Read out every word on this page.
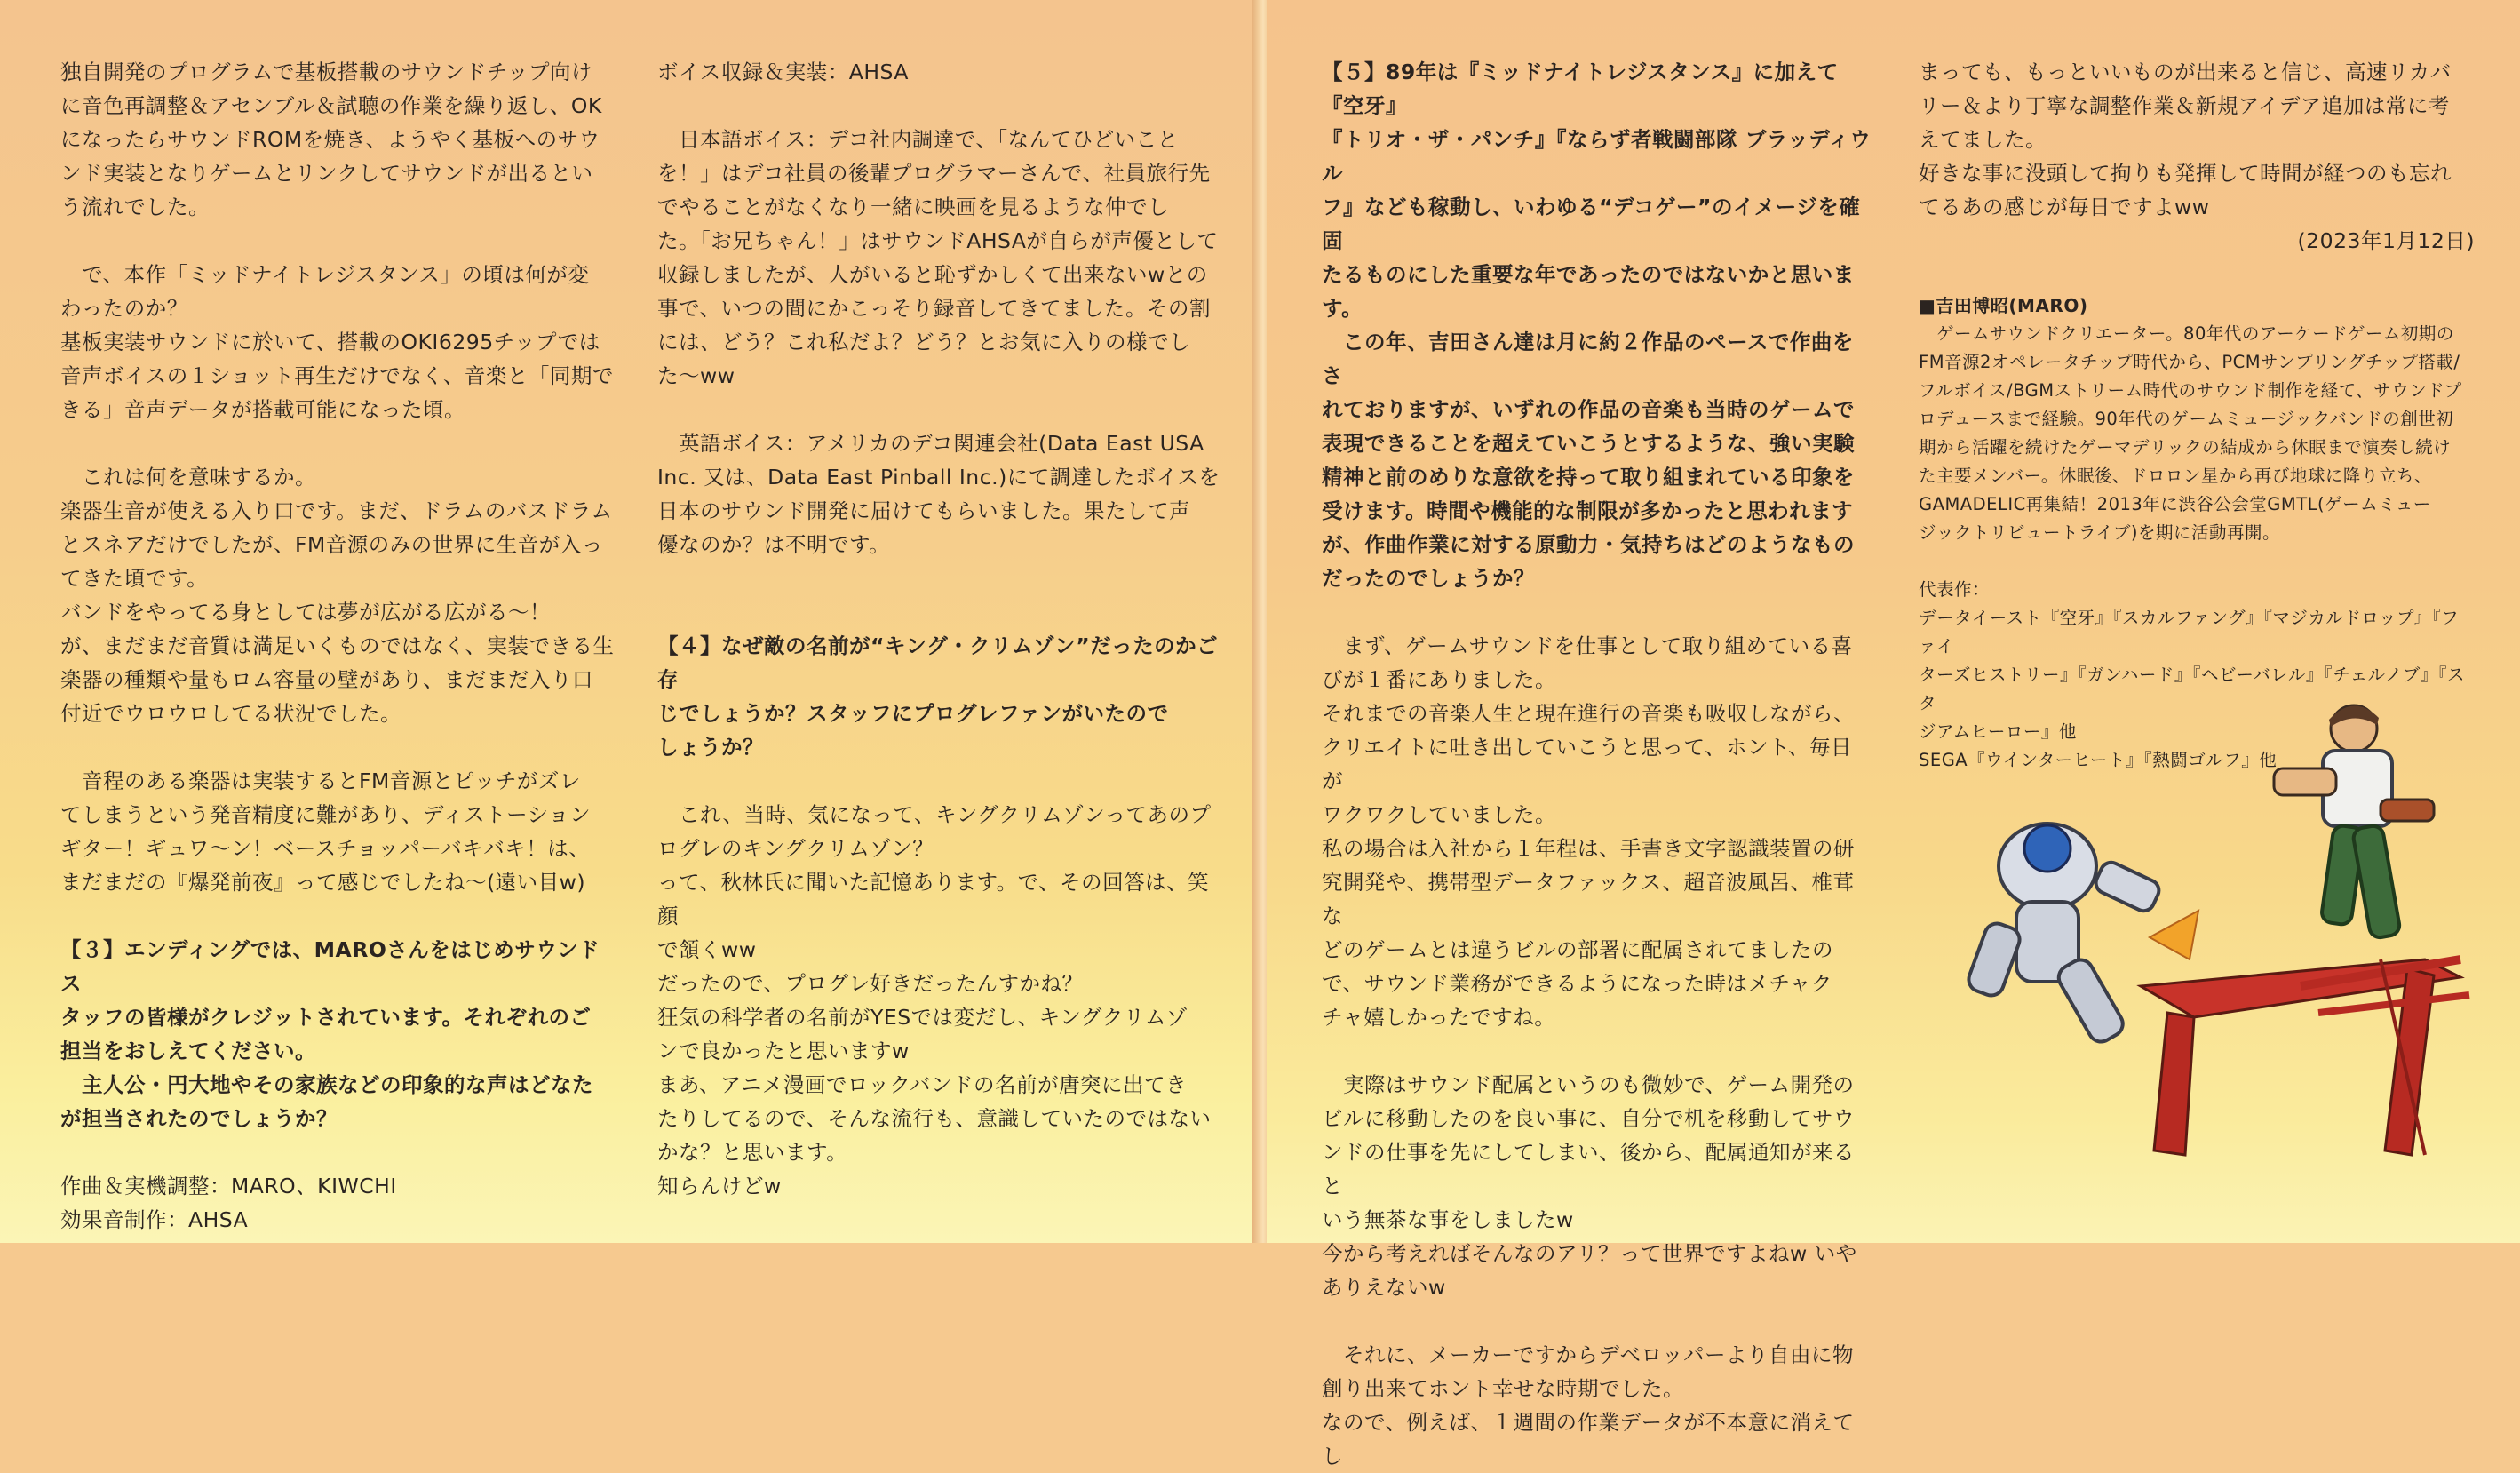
独自開発のプログラムで基板搭載のサウンドチップ向け

に音色再調整＆アセンブル＆試聴の作業を繰り返し、OK

になったらサウンドROMを焼き、ようやく基板へのサウ

ンド実装となりゲームとリンクしてサウンドが出るとい

う流れでした。

　で、本作「ミッドナイトレジスタンス」の頃は何が変

わったのか？

基板実装サウンドに於いて、搭載のOKI6295チップでは

音声ボイスの１ショット再生だけでなく、音楽と「同期で

きる」音声データが搭載可能になった頃。

　これは何を意味するか。

楽器生音が使える入り口です。まだ、ドラムのバスドラム

とスネアだけでしたが、FM音源のみの世界に生音が入っ

てきた頃です。

バンドをやってる身としては夢が広がる広がる～！

が、まだまだ音質は満足いくものではなく、実装できる生

楽器の種類や量もロム容量の壁があり、まだまだ入り口

付近でウロウロしてる状況でした。

　音程のある楽器は実装するとFM音源とピッチがズレ

てしまうという発音精度に難があり、ディストーション

ギター！ギュワ～ン！ベースチョッパーバキバキ！は、

まだまだの『爆発前夜』って感じでしたね～(遠い目w)

【３】エンディングでは、MAROさんをはじめサウンドス

タッフの皆様がクレジットされています。それぞれのご

担当をおしえてください。

　主人公・円大地やその家族などの印象的な声はどなた

が担当されたのでしょうか？

作曲＆実機調整：MARO、KIWCHI

効果音制作：AHSA

ボイス収録＆実装：AHSA

　日本語ボイス：デコ社内調達で、「なんてひどいこと

を！」はデコ社員の後輩プログラマーさんで、社員旅行先

でやることがなくなり一緒に映画を見るような仲でし

た。「お兄ちゃん！」はサウンドAHSAが自らが声優として

収録しましたが、人がいると恥ずかしくて出来ないwとの

事で、いつの間にかこっそり録音してきてました。その割

には、どう？これ私だよ？どう？とお気に入りの様でし

た～ww

　英語ボイス：アメリカのデコ関連会社(Data East USA

Inc. 又は、Data East Pinball Inc.)にて調達したボイスを

日本のサウンド開発に届けてもらいました。果たして声

優なのか？は不明です。

【４】なぜ敵の名前が“キング・クリムゾン”だったのかご存

じでしょうか？スタッフにプログレファンがいたので

しょうか？

　これ、当時、気になって、キングクリムゾンってあのプ

ログレのキングクリムゾン？

って、秋林氏に聞いた記憶あります。で、その回答は、笑顔

で頷くww

だったので、プログレ好きだったんすかね？

狂気の科学者の名前がYESでは変だし、キングクリムゾ

ンで良かったと思いますw

まあ、アニメ漫画でロックバンドの名前が唐突に出てき

たりしてるので、そんな流行も、意識していたのではない

かな？と思います。

知らんけどw

【５】89年は『ミッドナイトレジスタンス』に加えて『空牙』

『トリオ・ザ・パンチ』『ならず者戦闘部隊 ブラッディウル

フ』なども稼動し、いわゆる“デコゲー”のイメージを確固

たるものにした重要な年であったのではないかと思いま

す。

　この年、吉田さん達は月に約２作品のペースで作曲をさ

れておりますが、いずれの作品の音楽も当時のゲームで

表現できることを超えていこうとするような、強い実験

精神と前のめりな意欲を持って取り組まれている印象を

受けます。時間や機能的な制限が多かったと思われます

が、作曲作業に対する原動力・気持ちはどのようなもの

だったのでしょうか？

　まず、ゲームサウンドを仕事として取り組めている喜

びが１番にありました。

それまでの音楽人生と現在進行の音楽も吸収しながら、

クリエイトに吐き出していこうと思って、ホント、毎日が

ワクワクしていました。

私の場合は入社から１年程は、手書き文字認識装置の研

究開発や、携帯型データファックス、超音波風呂、椎茸な

どのゲームとは違うビルの部署に配属されてましたの

で、サウンド業務ができるようになった時はメチャク

チャ嬉しかったですね。

　実際はサウンド配属というのも微妙で、ゲーム開発の

ビルに移動したのを良い事に、自分で机を移動してサウ

ンドの仕事を先にしてしまい、後から、配属通知が来ると

いう無茶な事をしましたw

今から考えればそんなのアリ？って世界ですよねw いや

ありえないw

　それに、メーカーですからデベロッパーより自由に物

創り出来てホント幸せな時期でした。

なので、例えば、１週間の作業データが不本意に消えてし

まっても、もっといいものが出来ると信じ、高速リカバ

リー＆より丁寧な調整作業＆新規アイデア追加は常に考

えてました。

好きな事に没頭して拘りも発揮して時間が経つのも忘れ

てるあの感じが毎日ですよww

(2023年1月12日)

■吉田博昭(MARO)

　ゲームサウンドクリエーター。80年代のアーケードゲーム初期の

FM音源2オペレータチップ時代から、PCMサンプリングチップ搭載/

フルボイス/BGMストリーム時代のサウンド制作を経て、サウンドプ

ロデュースまで経験。90年代のゲームミュージックバンドの創世初

期から活躍を続けたゲーマデリックの結成から休眠まで演奏し続け

た主要メンバー。休眠後、ドロロン星から再び地球に降り立ち、

GAMADELIC再集結！2013年に渋谷公会堂GMTL(ゲームミュー

ジックトリビュートライブ)を期に活動再開。

代表作：

データイースト『空牙』『スカルファング』『マジカルドロップ』『ファイ

ターズヒストリー』『ガンハード』『ヘビーバレル』『チェルノブ』『スタ

ジアムヒーロー』他

SEGA『ウインターヒート』『熱闘ゴルフ』他
